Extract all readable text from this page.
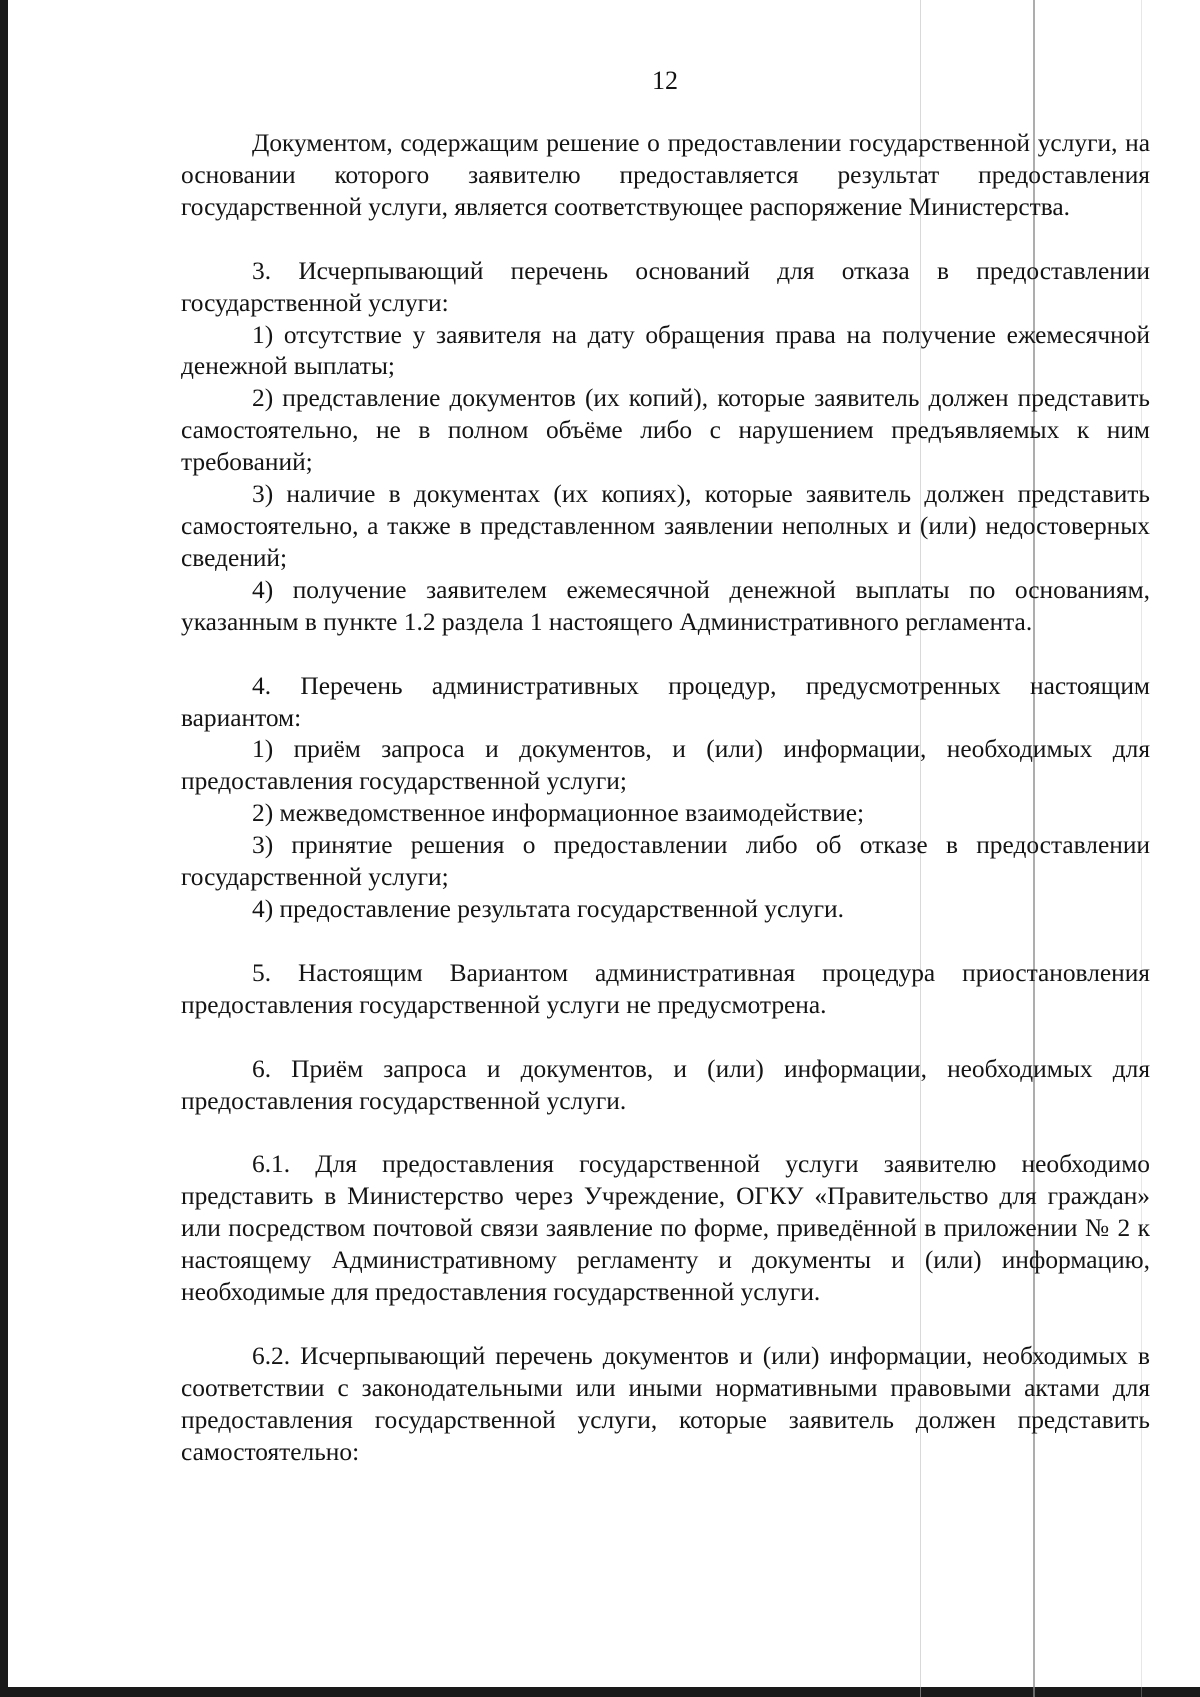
12

Документом, содержащим решение о предоставлении государственной услуги, на основании которого заявителю предоставляется результат предоставления государственной услуги, является соответствующее распоряжение Министерства.

3. Исчерпывающий перечень оснований для отказа в предоставлении государственной услуги:

1) отсутствие у заявителя на дату обращения права на получение ежемесячной денежной выплаты;

2) представление документов (их копий), которые заявитель должен представить самостоятельно, не в полном объёме либо с нарушением предъявляемых к ним требований;

3) наличие в документах (их копиях), которые заявитель должен представить самостоятельно, а также в представленном заявлении неполных и (или) недостоверных сведений;

4) получение заявителем ежемесячной денежной выплаты по основаниям, указанным в пункте 1.2 раздела 1 настоящего Административного регламента.

4. Перечень административных процедур, предусмотренных настоящим вариантом:

1) приём запроса и документов, и (или) информации, необходимых для предоставления государственной услуги;

2) межведомственное информационное взаимодействие;

3) принятие решения о предоставлении либо об отказе в предоставлении государственной услуги;

4) предоставление результата государственной услуги.

5. Настоящим Вариантом административная процедура приостановления предоставления государственной услуги не предусмотрена.

6. Приём запроса и документов, и (или) информации, необходимых для предоставления государственной услуги.

6.1. Для предоставления государственной услуги заявителю необходимо представить в Министерство через Учреждение, ОГКУ «Правительство для граждан» или посредством почтовой связи заявление по форме, приведённой в приложении № 2 к настоящему Административному регламенту и документы и (или) информацию, необходимые для предоставления государственной услуги.

6.2. Исчерпывающий перечень документов и (или) информации, необходимых в соответствии с законодательными или иными нормативными правовыми актами для предоставления государственной услуги, которые заявитель должен представить самостоятельно:
